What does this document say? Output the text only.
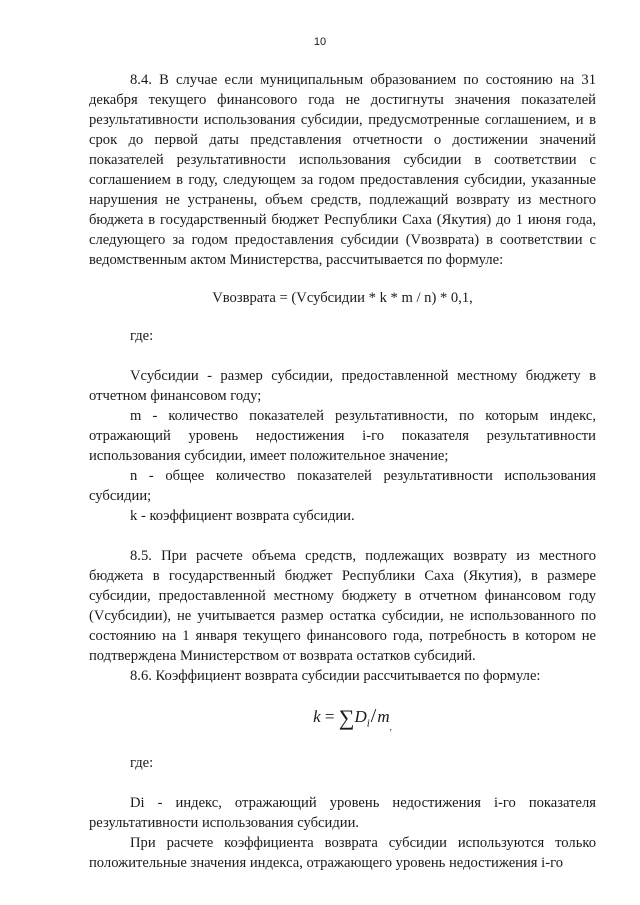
10

8.4. В случае если муниципальным образованием по состоянию на 31 декабря текущего финансового года не достигнуты значения показателей результативности использования субсидии, предусмотренные соглашением, и в срок до первой даты представления отчетности о достижении значений показателей результативности использования субсидии в соответствии с соглашением в году, следующем за годом предоставления субсидии, указанные нарушения не устранены, объем средств, подлежащий возврату из местного бюджета в государственный бюджет Республики Саха (Якутия) до 1 июня года, следующего за годом предоставления субсидии (Vвозврата) в соответствии с ведомственным актом Министерства, рассчитывается по формуле:

Vвозврата = (Vсубсидии * k * m / n) * 0,1,

где:

Vсубсидии - размер субсидии, предоставленной местному бюджету в отчетном финансовом году;

m - количество показателей результативности, по которым индекс, отражающий уровень недостижения i-го показателя результативности использования субсидии, имеет положительное значение;

n - общее количество показателей результативности использования субсидии;

k - коэффициент возврата субсидии.

8.5. При расчете объема средств, подлежащих возврату из местного бюджета в государственный бюджет Республики Саха (Якутия), в размере субсидии, предоставленной местному бюджету в отчетном финансовом году (Vсубсидии), не учитывается размер остатка субсидии, не использованного по состоянию на 1 января текущего финансового года, потребность в котором не подтверждена Министерством от возврата остатков субсидий.

8.6. Коэффициент возврата субсидии рассчитывается по формуле:

$k = \sum D_i/m_,$

где:

Di - индекс, отражающий уровень недостижения i-го показателя результативности использования субсидии.

При расчете коэффициента возврата субсидии используются только положительные значения индекса, отражающего уровень недостижения i-го
